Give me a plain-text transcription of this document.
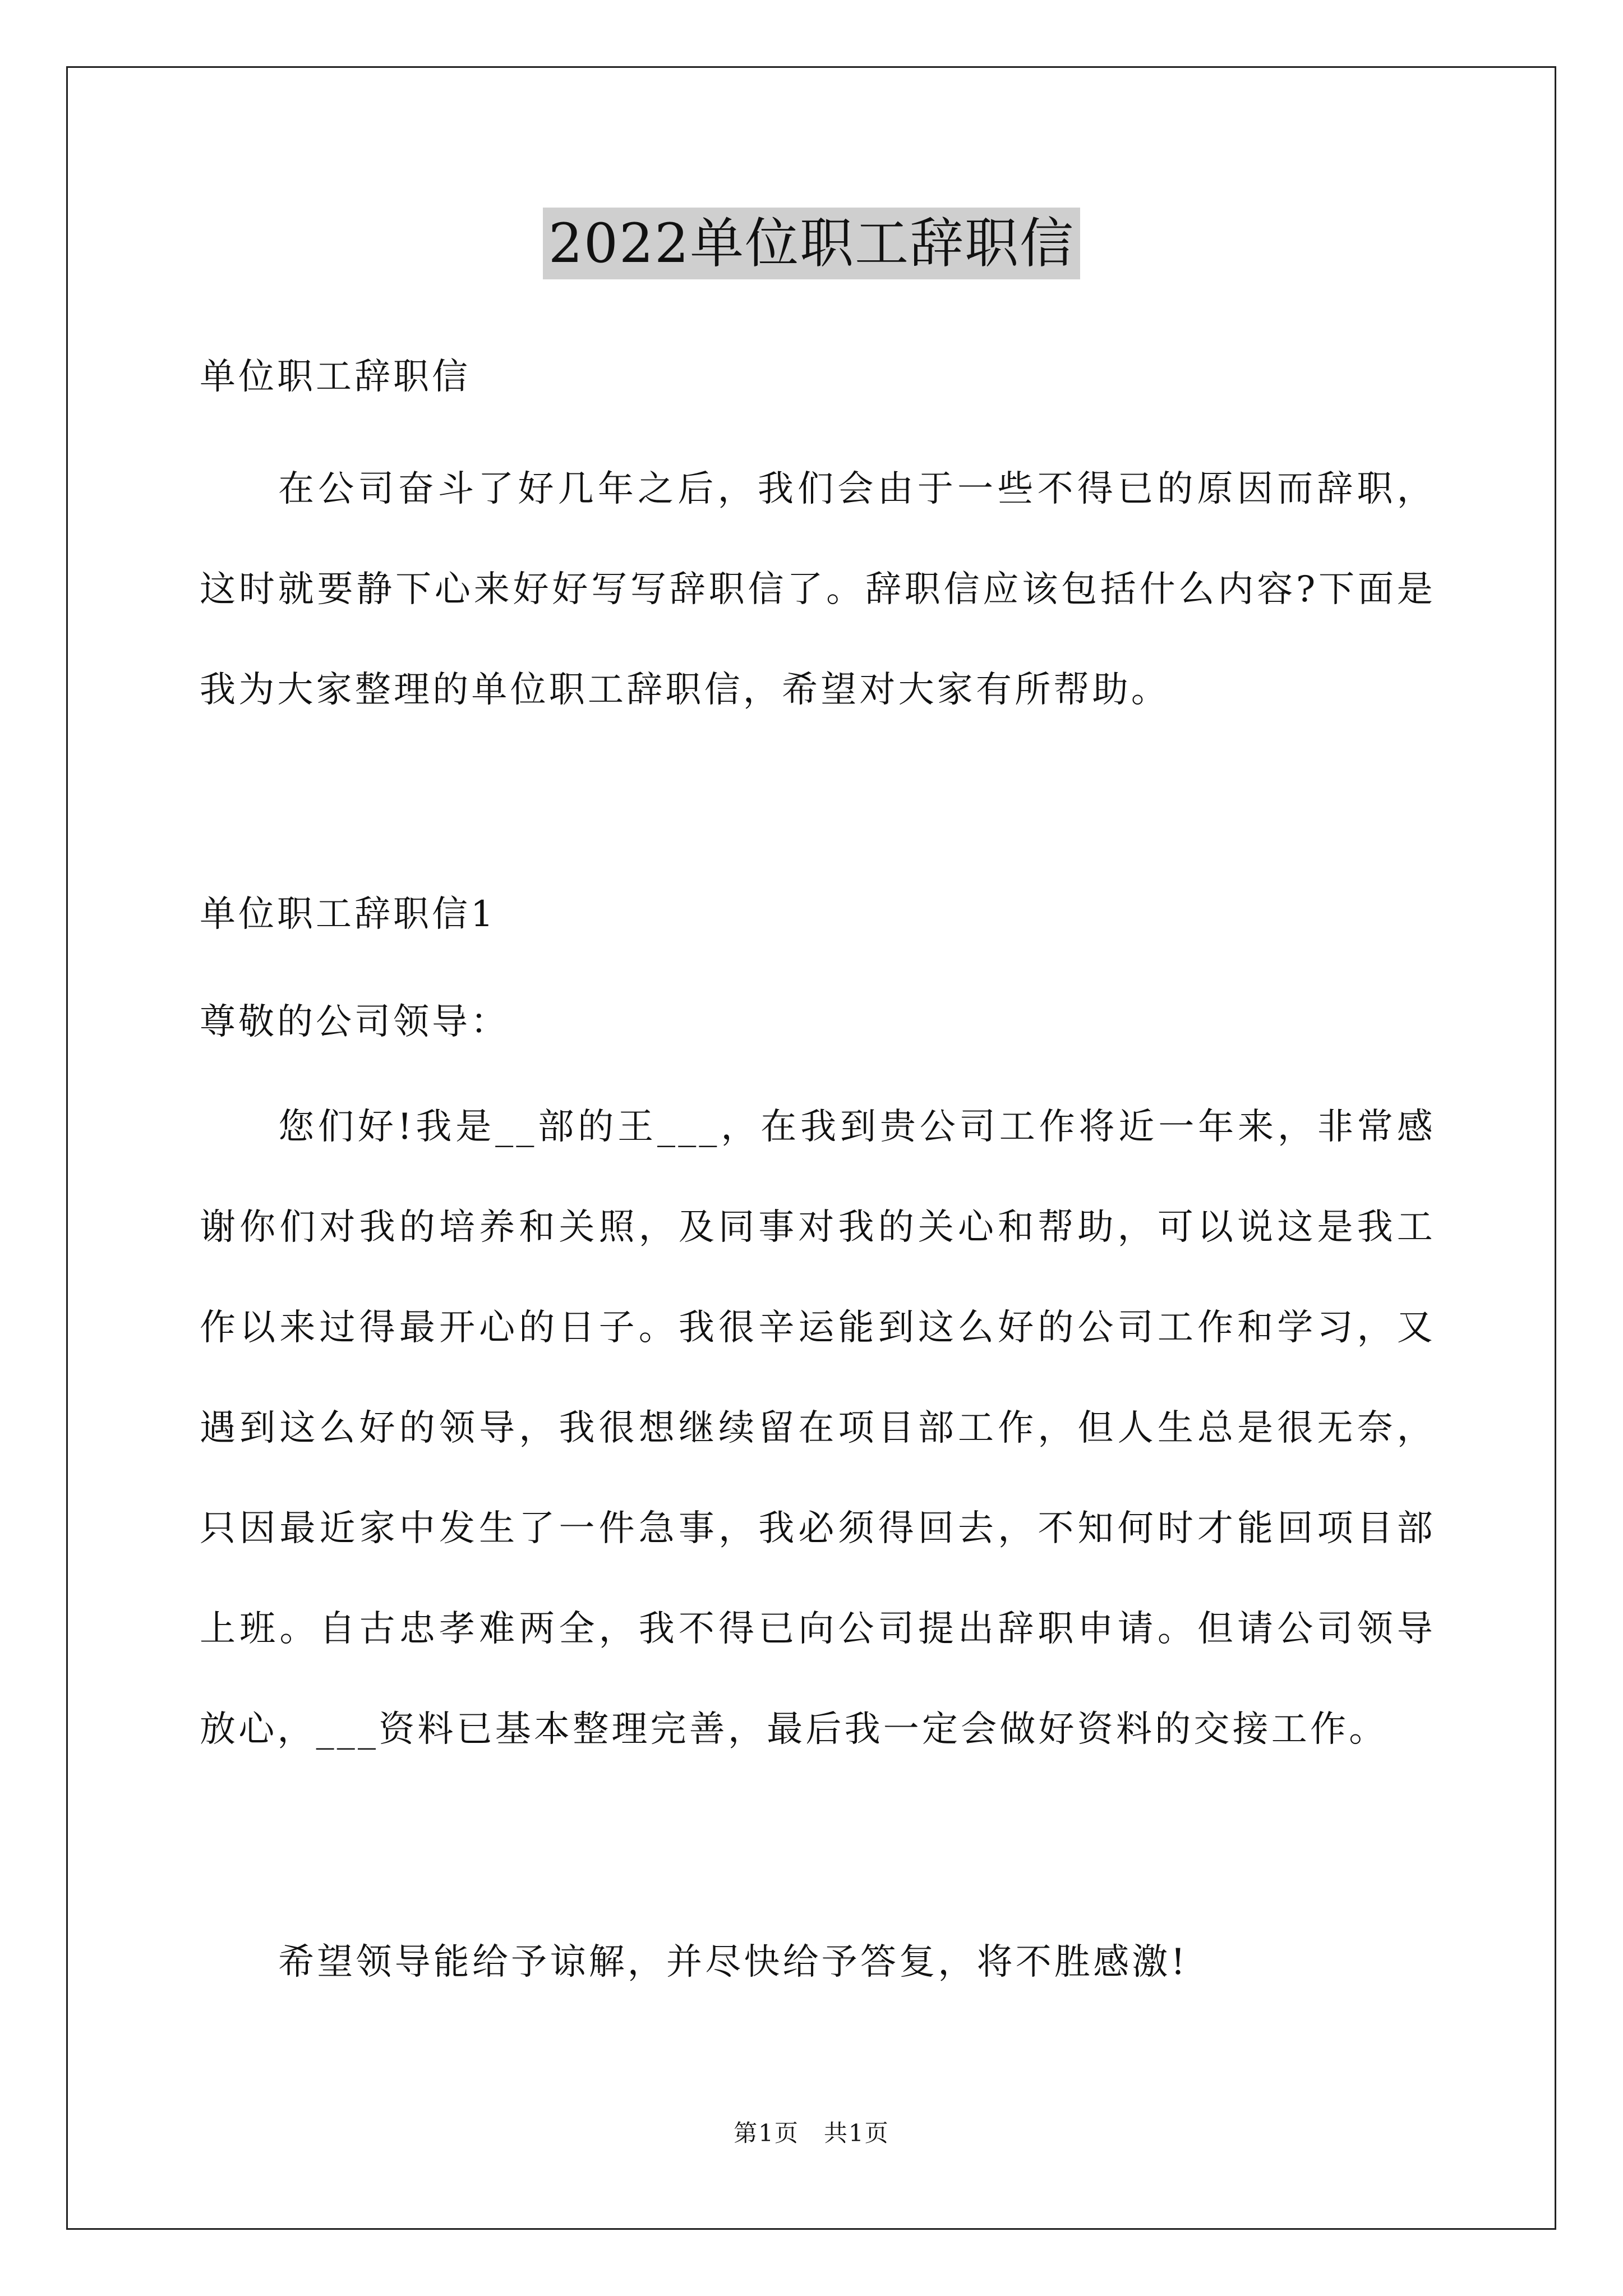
2022单位职工辞职信
单位职工辞职信

在公司奋斗了好几年之后，我们会由于一些不得已的原因而辞职，这时就要静下心来好好写写辞职信了。辞职信应该包括什么内容?下面是我为大家整理的单位职工辞职信，希望对大家有所帮助。

单位职工辞职信1
尊敬的公司领导：

您们好!我是__部的王___，在我到贵公司工作将近一年来，非常感谢你们对我的培养和关照，及同事对我的关心和帮助，可以说这是我工作以来过得最开心的日子。我很辛运能到这么好的公司工作和学习，又遇到这么好的领导，我很想继续留在项目部工作，但人生总是很无奈，只因最近家中发生了一件急事，我必须得回去，不知何时才能回项目部上班。自古忠孝难两全，我不得已向公司提出辞职申请。但请公司领导放心，___资料已基本整理完善，最后我一定会做好资料的交接工作。

希望领导能给予谅解，并尽快给予答复，将不胜感激!

第1页　共1页
